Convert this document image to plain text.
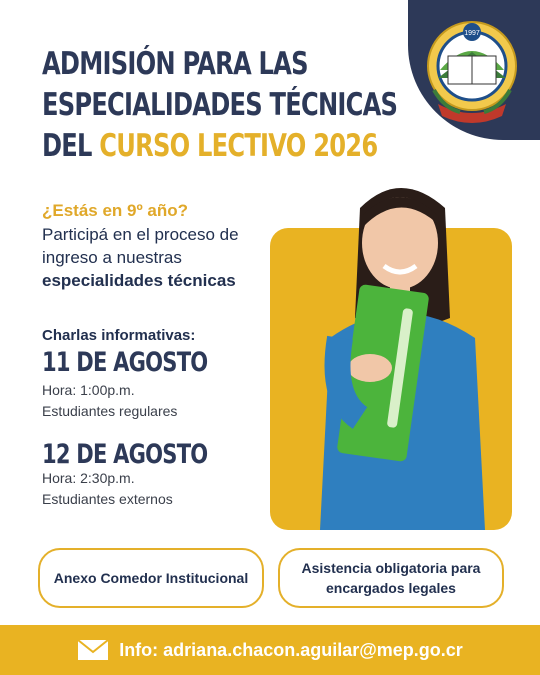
1997
ADMISIÓN PARA LAS
ESPECIALIDADES TÉCNICAS
DEL CURSO LECTIVO 2026
¿Estás en 9º año?
Participá en el proceso de ingreso a nuestras especialidades técnicas
Charlas informativas:
11 DE AGOSTO
Hora: 1:00p.m.
Estudiantes regulares
12 DE AGOSTO
Hora: 2:30p.m.
Estudiantes externos
Anexo Comedor Institucional
Asistencia obligatoria para encargados legales
Info: adriana.chacon.aguilar@mep.go.cr
